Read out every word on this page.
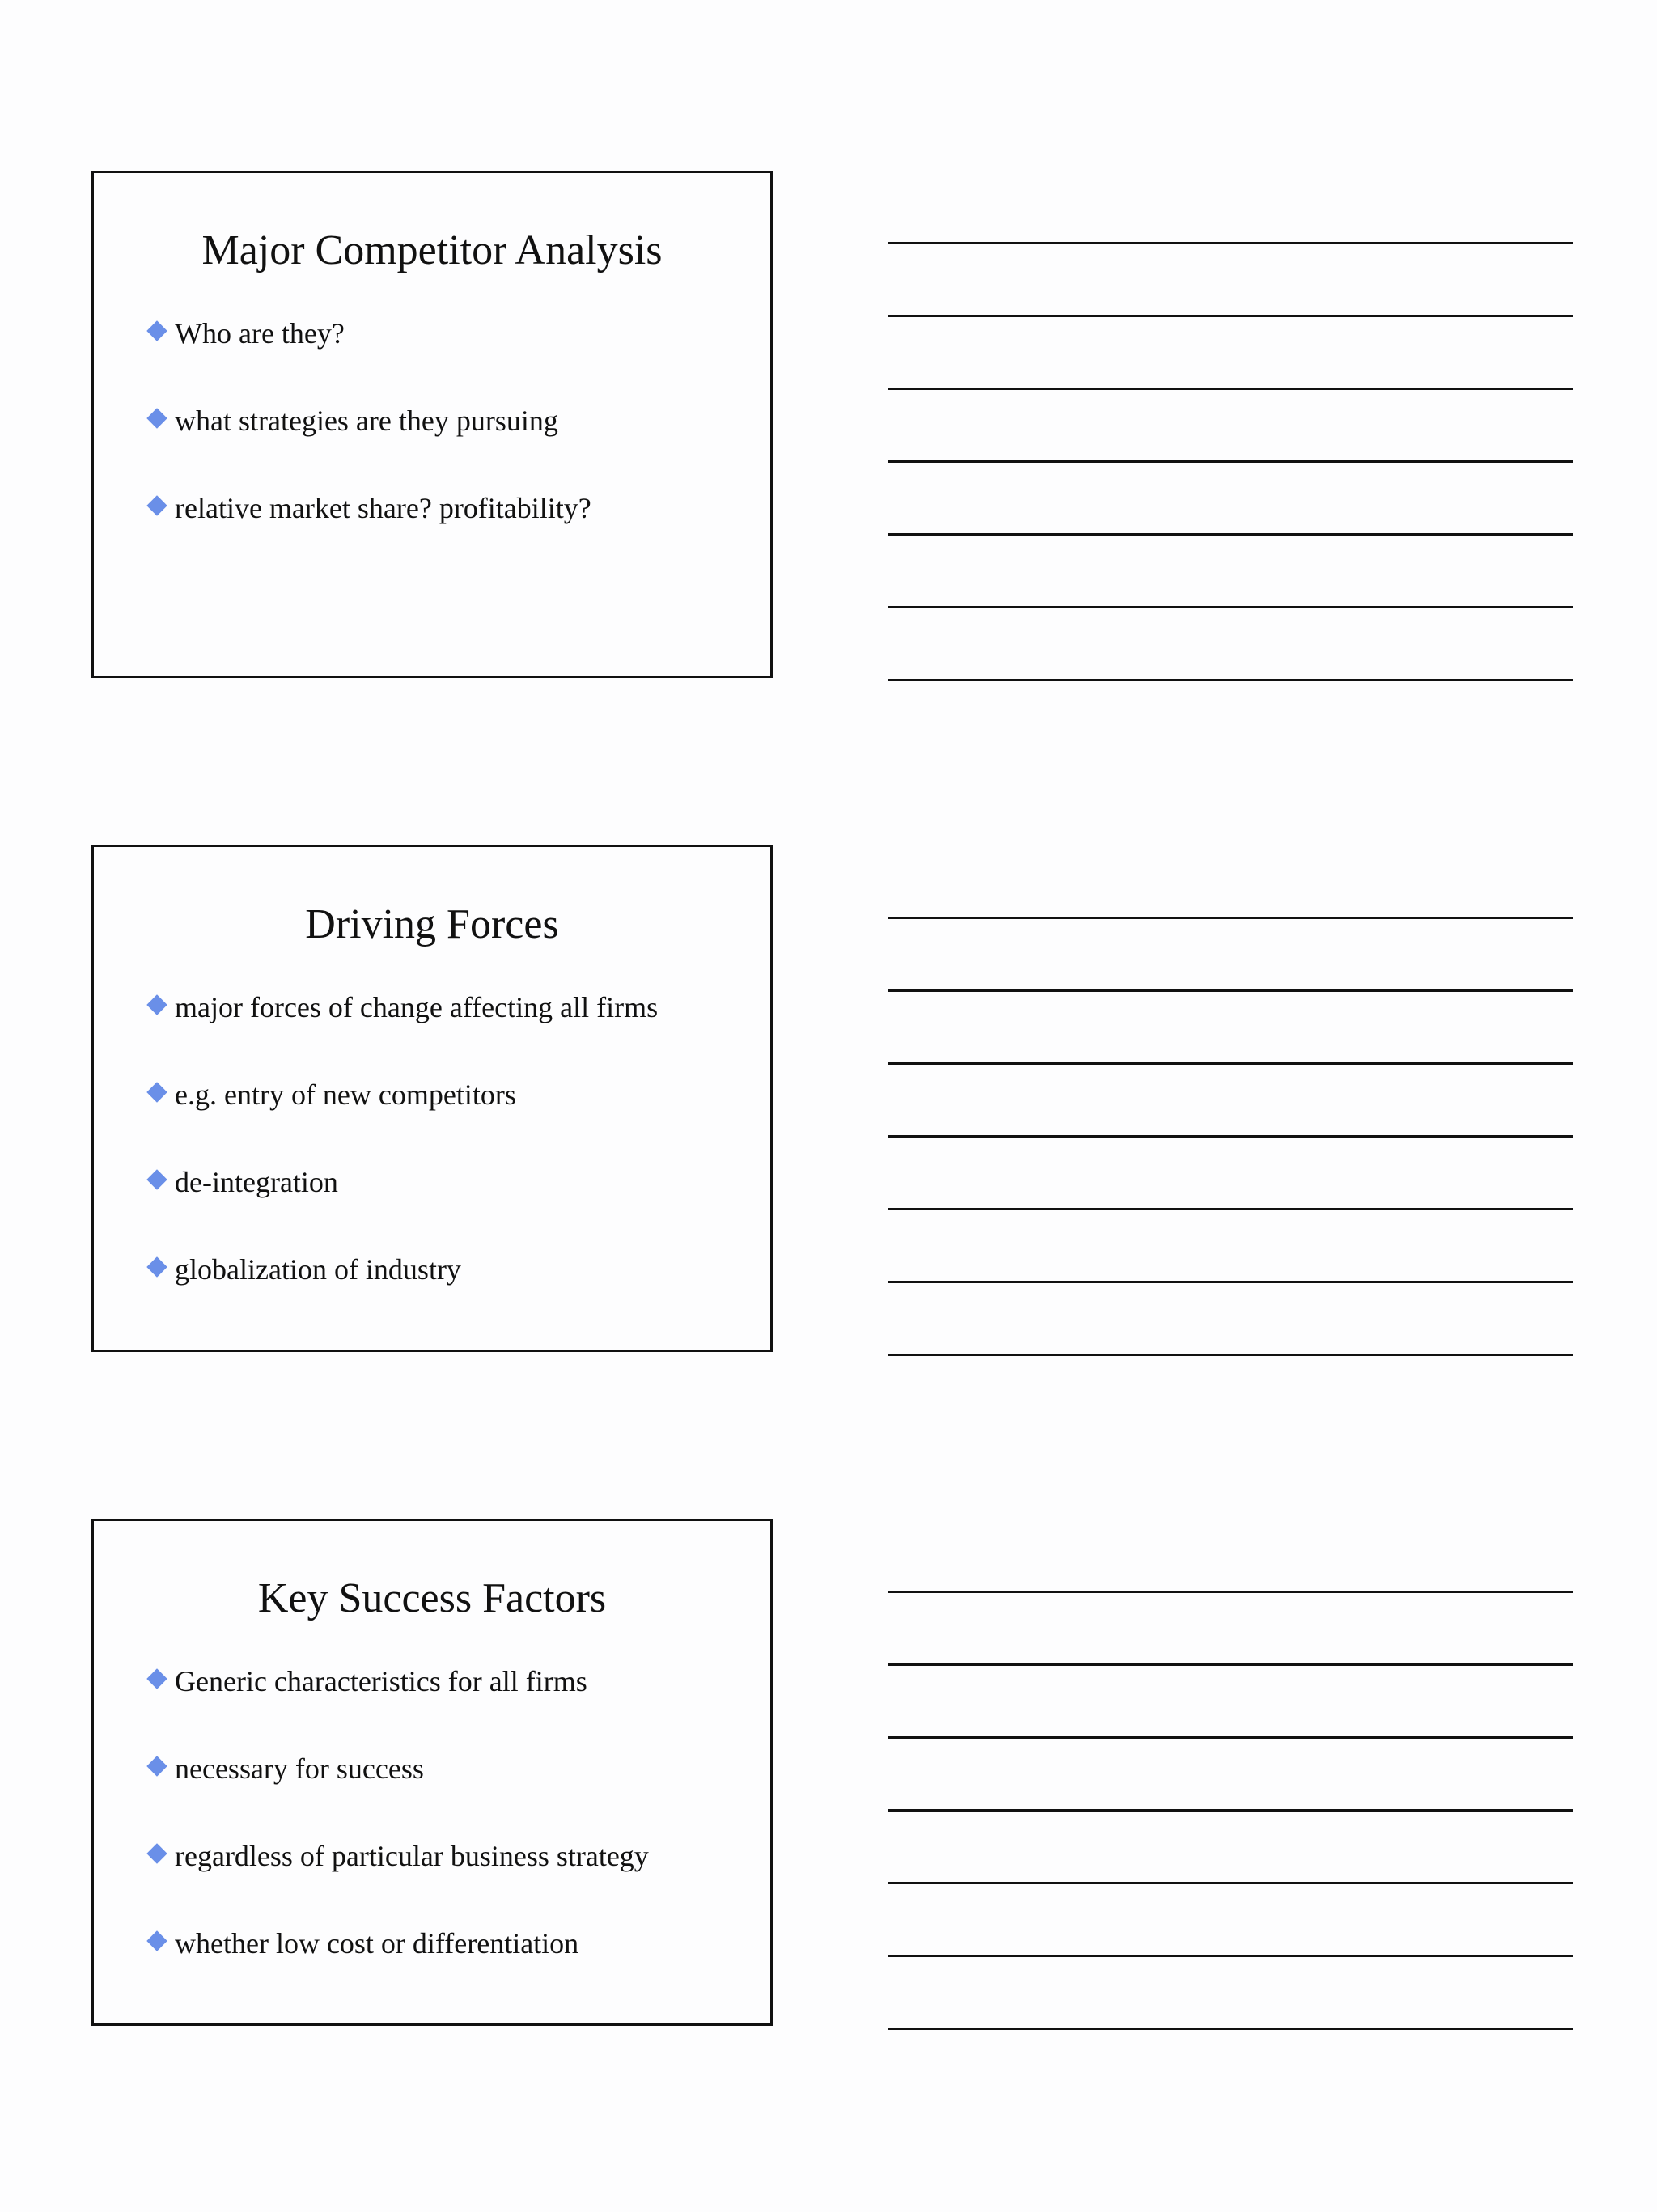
Major Competitor Analysis
Who are they?
what strategies are they pursuing
relative market share? profitability?
Driving Forces
major forces of change affecting all firms
e.g. entry of new competitors
de-integration
globalization of industry
Key Success Factors
Generic characteristics for all firms
necessary for success
regardless of particular business strategy
whether low cost or differentiation
